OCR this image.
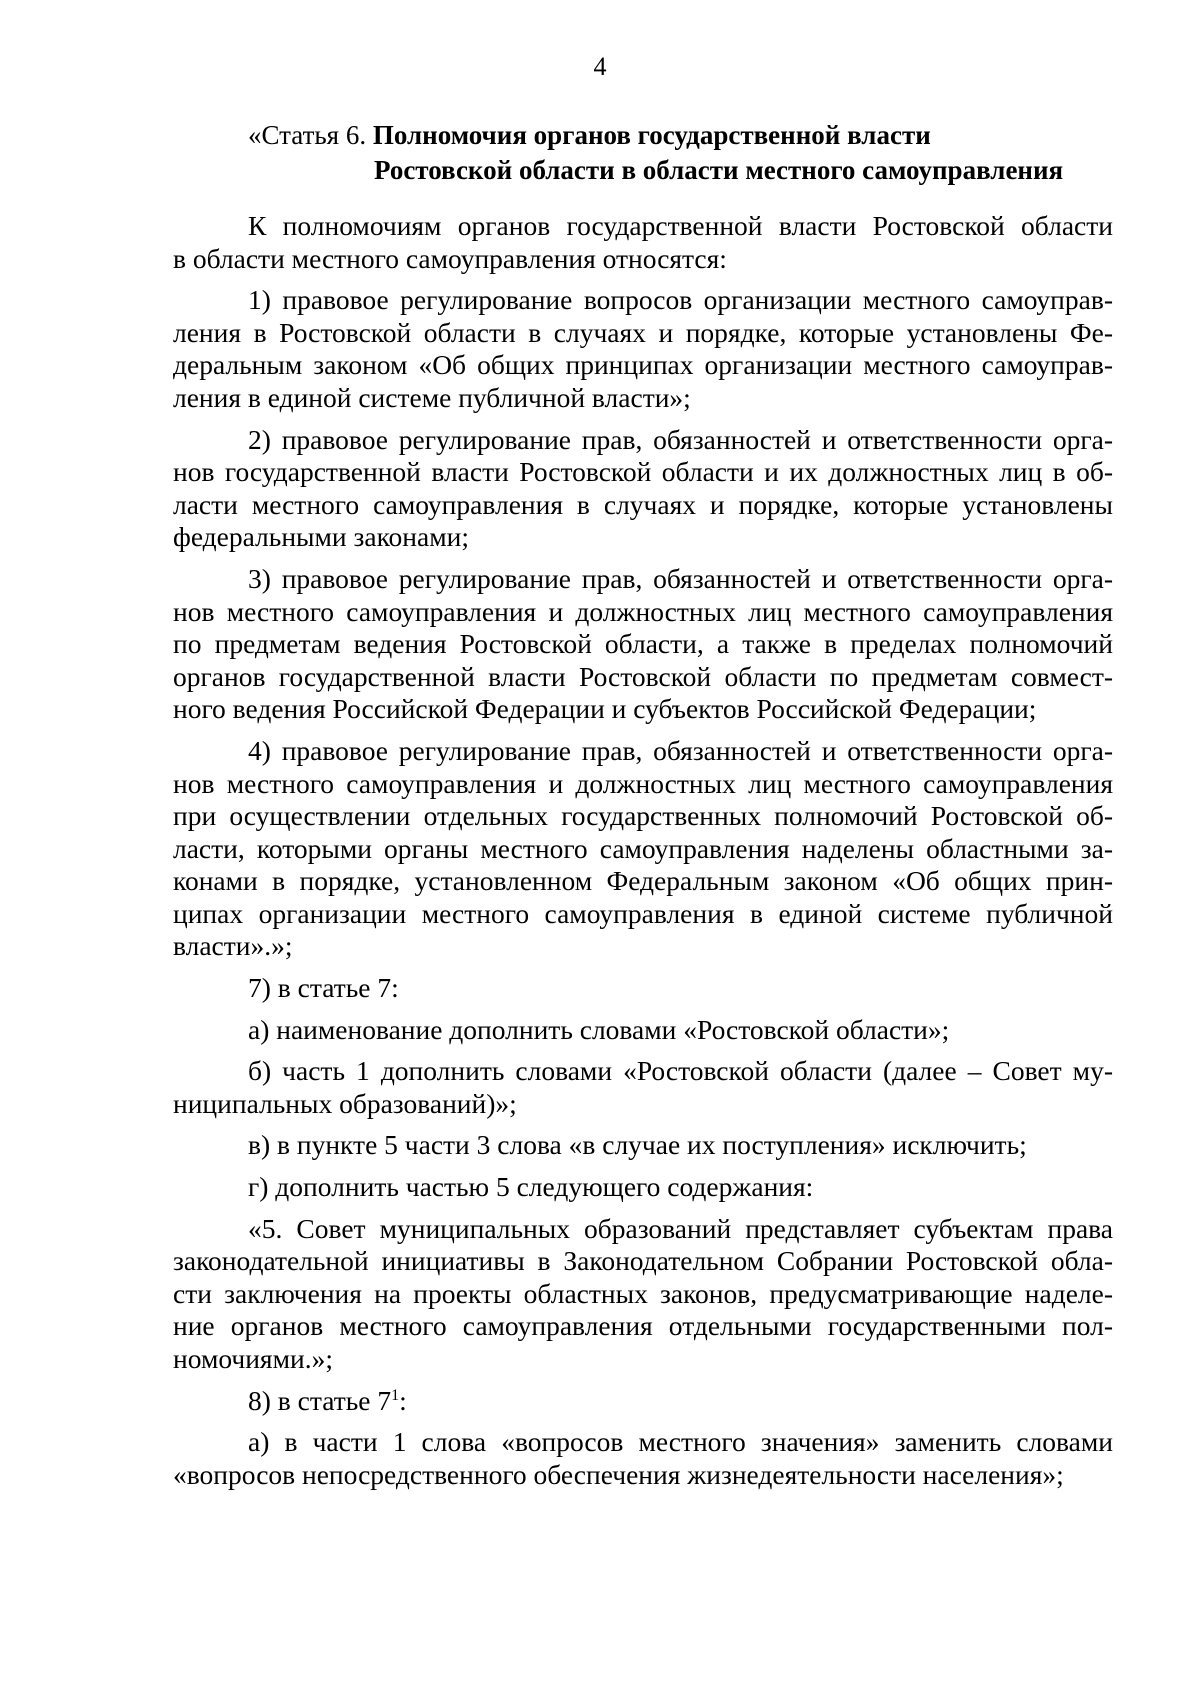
4
«Статья 6. Полномочия органов государственной власти
Ростовской области в области местного самоуправления
К полномочиям органов государственной власти Ростовской области
в области местного самоуправления относятся:
1) правовое регулирование вопросов организации местного самоуправ-
ления в Ростовской области в случаях и порядке, которые установлены Фе-
деральным законом «Об общих принципах организации местного самоуправ-
ления в единой системе публичной власти»;
2) правовое регулирование прав, обязанностей и ответственности орга-
нов государственной власти Ростовской области и их должностных лиц в об-
ласти местного самоуправления в случаях и порядке, которые установлены
федеральными законами;
3) правовое регулирование прав, обязанностей и ответственности орга-
нов местного самоуправления и должностных лиц местного самоуправления
по предметам ведения Ростовской области, а также в пределах полномочий
органов государственной власти Ростовской области по предметам совмест-
ного ведения Российской Федерации и субъектов Российской Федерации;
4) правовое регулирование прав, обязанностей и ответственности орга-
нов местного самоуправления и должностных лиц местного самоуправления
при осуществлении отдельных государственных полномочий Ростовской об-
ласти, которыми органы местного самоуправления наделены областными за-
конами в порядке, установленном Федеральным законом «Об общих прин-
ципах организации местного самоуправления в единой системе публичной
власти».»;
7) в статье 7:
а) наименование дополнить словами «Ростовской области»;
б) часть 1 дополнить словами «Ростовской области (далее – Совет му-
ниципальных образований)»;
в) в пункте 5 части 3 слова «в случае их поступления» исключить;
г) дополнить частью 5 следующего содержания:
«5. Совет муниципальных образований представляет субъектам права
законодательной инициативы в Законодательном Собрании Ростовской обла-
сти заключения на проекты областных законов, предусматривающие наделе-
ние органов местного самоуправления отдельными государственными пол-
номочиями.»;
8) в статье $7^1$:
а) в части 1 слова «вопросов местного значения» заменить словами
«вопросов непосредственного обеспечения жизнедеятельности населения»;
